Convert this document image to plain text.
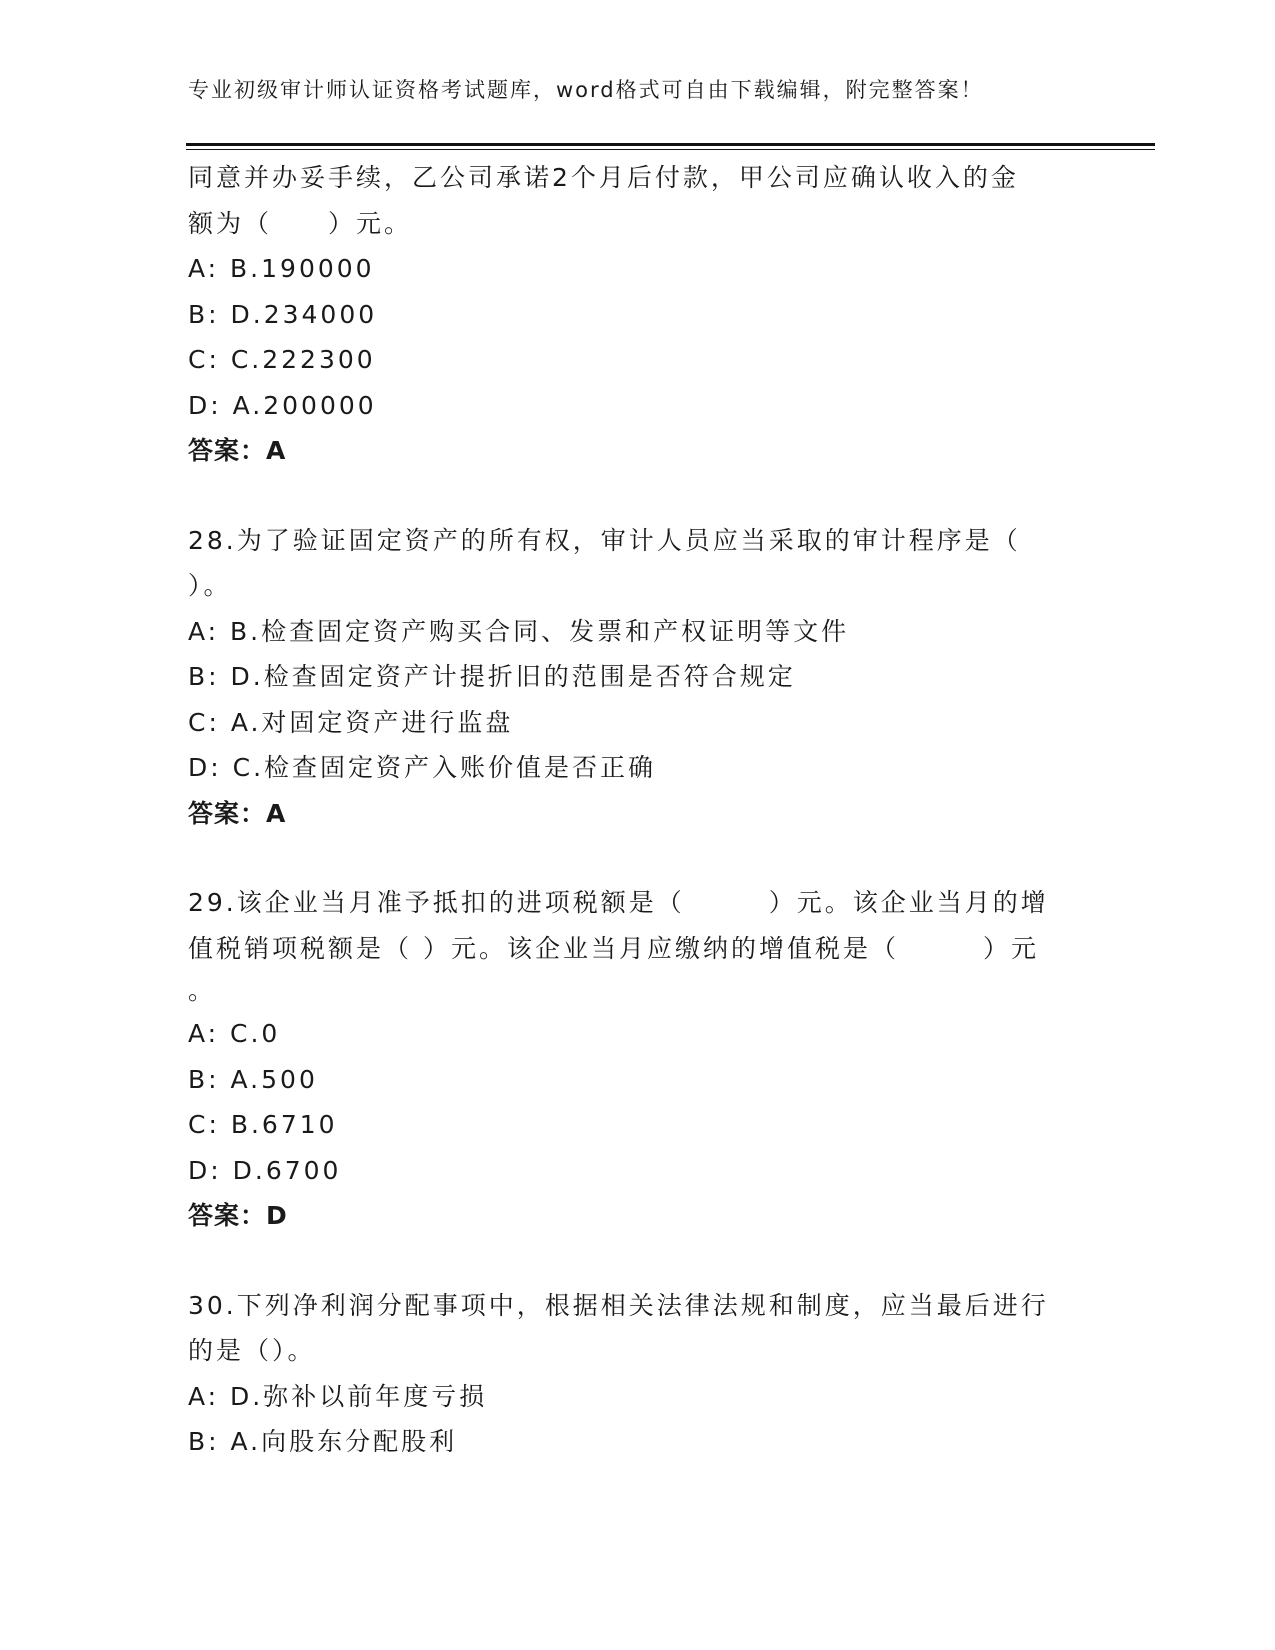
专业初级审计师认证资格考试题库，word格式可自由下载编辑，附完整答案！
同意并办妥手续，乙公司承诺2个月后付款，甲公司应确认收入的金
额为（　　）元。
A: B.190000
B: D.234000
C: C.222300
D: A.200000
答案：A
28.为了验证固定资产的所有权，审计人员应当采取的审计程序是（
）。
A: B.检查固定资产购买合同、发票和产权证明等文件
B: D.检查固定资产计提折旧的范围是否符合规定
C: A.对固定资产进行监盘
D: C.检查固定资产入账价值是否正确
答案：A
29.该企业当月准予抵扣的进项税额是（　　　）元。该企业当月的增
值税销项税额是（ ）元。该企业当月应缴纳的增值税是（　　　）元
。
A: C.0
B: A.500
C: B.6710
D: D.6700
答案：D
30.下列净利润分配事项中，根据相关法律法规和制度，应当最后进行
的是（）。
A: D.弥补以前年度亏损
B: A.向股东分配股利
